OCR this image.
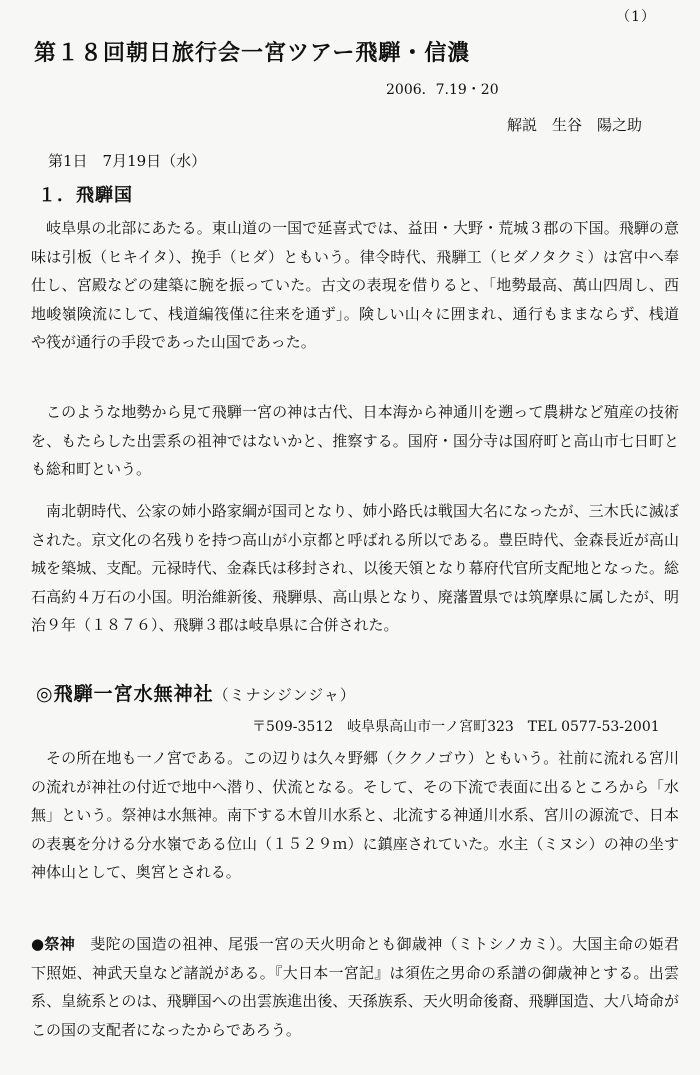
（1）
第１８回朝日旅行会一宮ツアー飛騨・信濃
2006．7.19・20
解説　生谷　陽之助
第1日　7月19日（水）
１．飛騨国

岐阜県の北部にあたる。東山道の一国で延喜式では、益田・大野・荒城３郡の下国。飛騨の意味は引板（ヒキイタ）、挽手（ヒダ）ともいう。律令時代、飛騨工（ヒダノタクミ）は宮中へ奉仕し、宮殿などの建築に腕を振っていた。古文の表現を借りると、「地勢最高、萬山四周し、西地峻嶺険流にして、桟道編筏僅に往来を通ず」。険しい山々に囲まれ、通行もままならず、桟道や筏が通行の手段であった山国であった。

このような地勢から見て飛騨一宮の神は古代、日本海から神通川を遡って農耕など殖産の技術を、もたらした出雲系の祖神ではないかと、推察する。国府・国分寺は国府町と高山市七日町とも総和町という。

南北朝時代、公家の姉小路家綱が国司となり、姉小路氏は戦国大名になったが、三木氏に滅ぼされた。京文化の名残りを持つ高山が小京都と呼ばれる所以である。豊臣時代、金森長近が高山城を築城、支配。元禄時代、金森氏は移封され、以後天領となり幕府代官所支配地となった。総石高約４万石の小国。明治維新後、飛騨県、高山県となり、廃藩置県では筑摩県に属したが、明治９年（１８７６）、飛騨３郡は岐阜県に合併された。

◎飛騨一宮水無神社（ミナシジンジャ）
〒509-3512　岐阜県高山市一ノ宮町323　TEL 0577-53-2001

その所在地も一ノ宮である。この辺りは久々野郷（ククノゴウ）ともいう。社前に流れる宮川の流れが神社の付近で地中へ潜り、伏流となる。そして、その下流で表面に出るところから「水無」という。祭神は水無神。南下する木曽川水系と、北流する神通川水系、宮川の源流で、日本の表裏を分ける分水嶺である位山（１５２９ｍ）に鎮座されていた。水主（ミヌシ）の神の坐す神体山として、奥宮とされる。

●祭神　斐陀の国造の祖神、尾張一宮の天火明命とも御歳神（ミトシノカミ）。大国主命の姫君下照姫、神武天皇など諸説がある。『大日本一宮記』は須佐之男命の系譜の御歳神とする。出雲系、皇統系とのは、飛騨国への出雲族進出後、天孫族系、天火明命後裔、飛騨国造、大八埼命がこの国の支配者になったからであろう。
